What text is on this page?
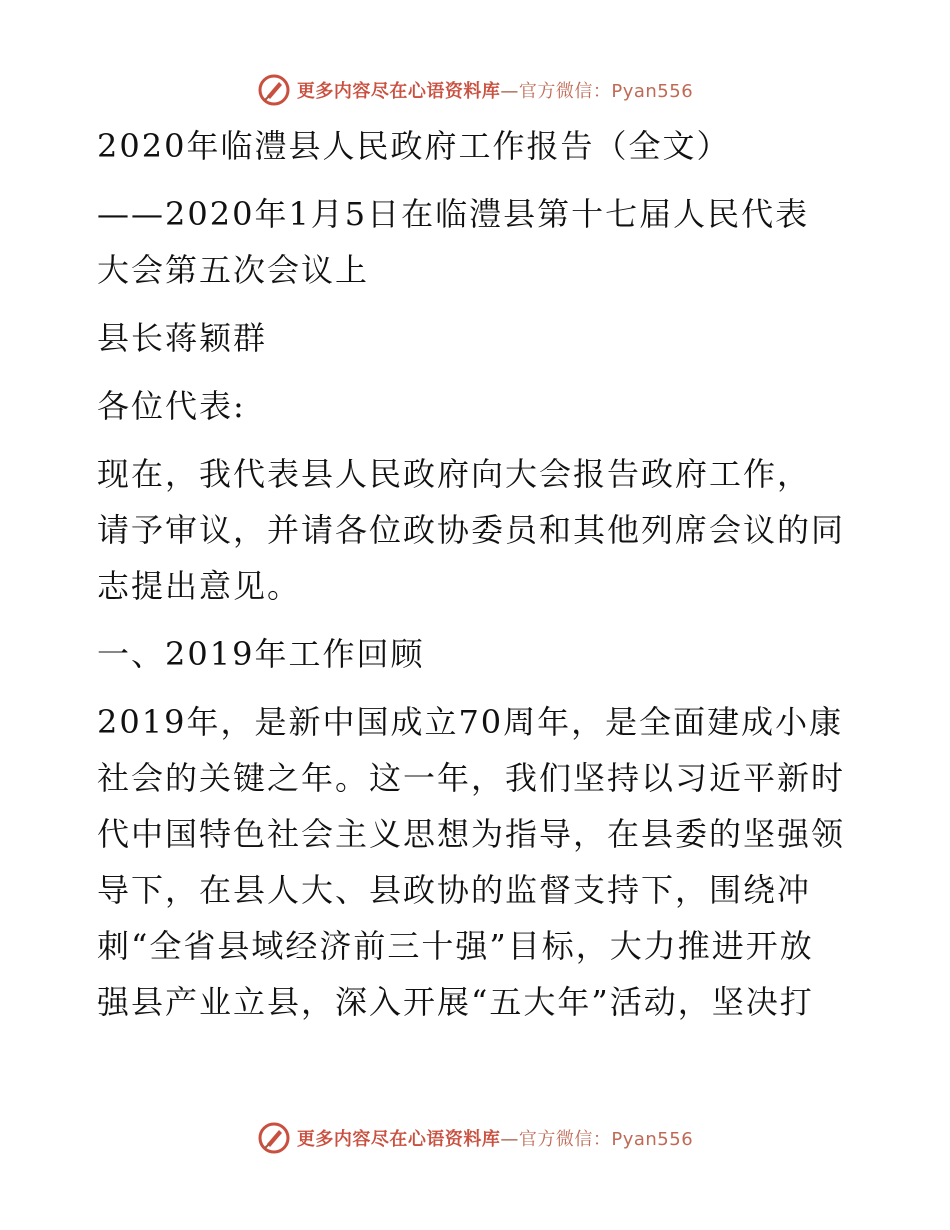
更多内容尽在心语资料库—官方微信：Pyan556
2020年临澧县人民政府工作报告（全文）
——2020年1月5日在临澧县第十七届人民代表
大会第五次会议上
县长蒋颖群
各位代表:
现在，我代表县人民政府向大会报告政府工作，
请予审议，并请各位政协委员和其他列席会议的同
志提出意见。
一、2019年工作回顾
2019年，是新中国成立70周年，是全面建成小康
社会的关键之年。这一年，我们坚持以习近平新时
代中国特色社会主义思想为指导，在县委的坚强领
导下，在县人大、县政协的监督支持下，围绕冲
刺“全省县域经济前三十强”目标，大力推进开放
强县产业立县，深入开展“五大年”活动，坚决打
更多内容尽在心语资料库—官方微信：Pyan556
